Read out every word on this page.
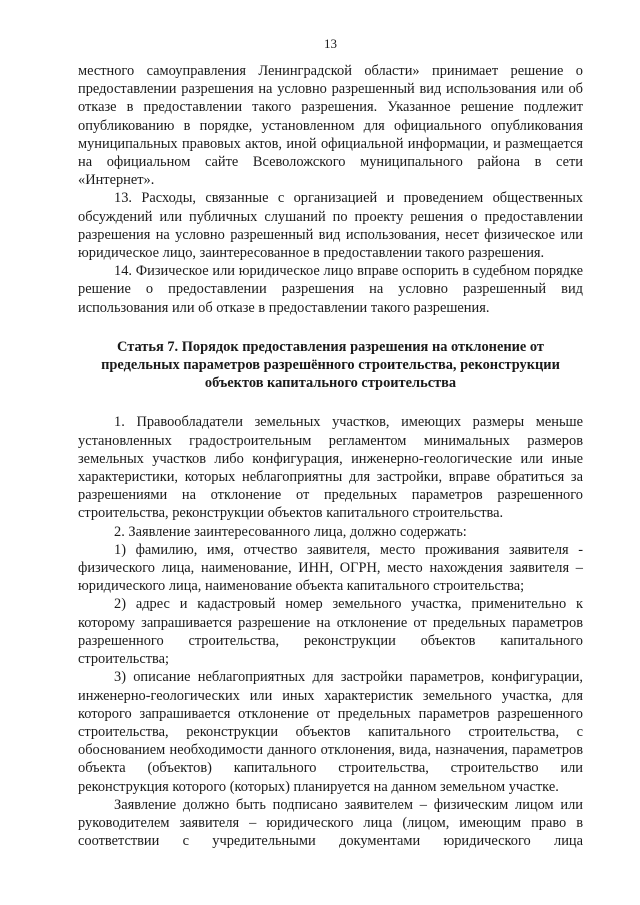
13

местного самоуправления Ленинградской области» принимает решение о предоставлении разрешения на условно разрешенный вид использования или об отказе в предоставлении такого разрешения. Указанное решение подлежит опубликованию в порядке, установленном для официального опубликования муниципальных правовых актов, иной официальной информации, и размещается на официальном сайте Всеволожского муниципального района в сети «Интернет».

13. Расходы, связанные с организацией и проведением общественных обсуждений или публичных слушаний по проекту решения о предоставлении разрешения на условно разрешенный вид использования, несет физическое или юридическое лицо, заинтересованное в предоставлении такого разрешения.

14. Физическое или юридическое лицо вправе оспорить в судебном порядке решение о предоставлении разрешения на условно разрешенный вид использования или об отказе в предоставлении такого разрешения.

Статья 7. Порядок предоставления разрешения на отклонение от предельных параметров разрешённого строительства, реконструкции объектов капитального строительства

1. Правообладатели земельных участков, имеющих размеры меньше установленных градостроительным регламентом минимальных размеров земельных участков либо конфигурация, инженерно-геологические или иные характеристики, которых неблагоприятны для застройки, вправе обратиться за разрешениями на отклонение от предельных параметров разрешенного строительства, реконструкции объектов капитального строительства.

2. Заявление заинтересованного лица, должно содержать:

1) фамилию, имя, отчество заявителя, место проживания заявителя - физического лица, наименование, ИНН, ОГРН, место нахождения заявителя – юридического лица, наименование объекта капитального строительства;

2) адрес и кадастровый номер земельного участка, применительно к которому запрашивается разрешение на отклонение от предельных параметров разрешенного строительства, реконструкции объектов капитального строительства;

3) описание неблагоприятных для застройки параметров, конфигурации, инженерно-геологических или иных характеристик земельного участка, для которого запрашивается отклонение от предельных параметров разрешенного строительства, реконструкции объектов капитального строительства, с обоснованием необходимости данного отклонения, вида, назначения, параметров объекта (объектов) капитального строительства, строительство или реконструкция которого (которых) планируется на данном земельном участке.

Заявление должно быть подписано заявителем – физическим лицом или руководителем заявителя – юридического лица (лицом, имеющим право в соответствии с учредительными документами юридического лица
